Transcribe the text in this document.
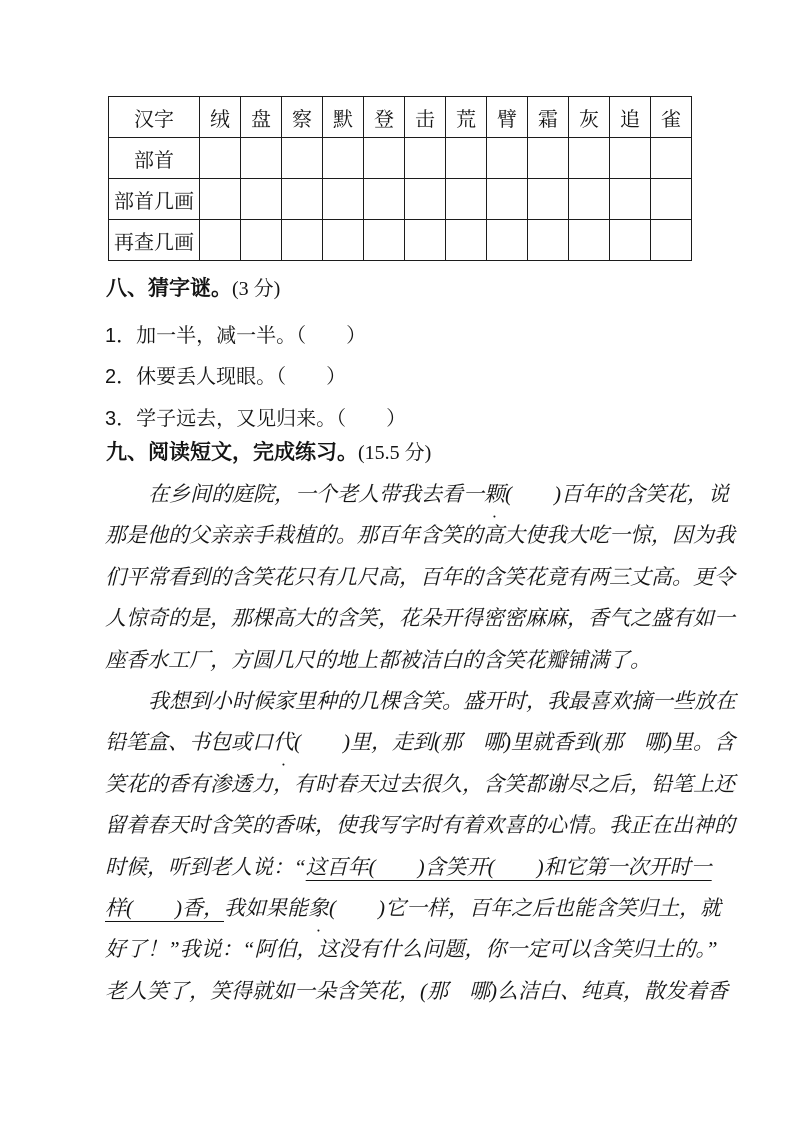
汉字	绒	盘	察	默	登	击	荒	臂	霜	灰	追	雀
部首												
部首几画												
再查几画												
八、猜字谜。(3 分)
1．加一半，减一半。（　　）
2．休要丢人现眼。（　　）
3．学子远去，又见归来。（　　）
九、阅读短文，完成练习。(15.5 分)
在乡间的庭院，一个老人带我去看一颗(　　)百年的含笑花，说
那是他的父亲亲手栽植的。那百年含笑的高大使我大吃一惊，因为我
们平常看到的含笑花只有几尺高，百年的含笑花竟有两三丈高。更令
人惊奇的是，那棵高大的含笑，花朵开得密密麻麻，香气之盛有如一
座香水工厂，方圆几尺的地上都被洁白的含笑花瓣铺满了。
我想到小时候家里种的几棵含笑。盛开时，我最喜欢摘一些放在
铅笔盒、书包或口代(　　)里，走到(那　哪)里就香到(那　哪)里。含
笑花的香有渗透力，有时春天过去很久，含笑都谢尽之后，铅笔上还
留着春天时含笑的香味，使我写字时有着欢喜的心情。我正在出神的
时候，听到老人说：“这百年(　　)含笑开(　　)和它第一次开时一
样(　　)香，我如果能象(　　)它一样，百年之后也能含笑归土，就
好了！”我说：“阿伯，这没有什么问题，你一定可以含笑归土的。”
老人笑了，笑得就如一朵含笑花，(那　哪)么洁白、纯真，散发着香
